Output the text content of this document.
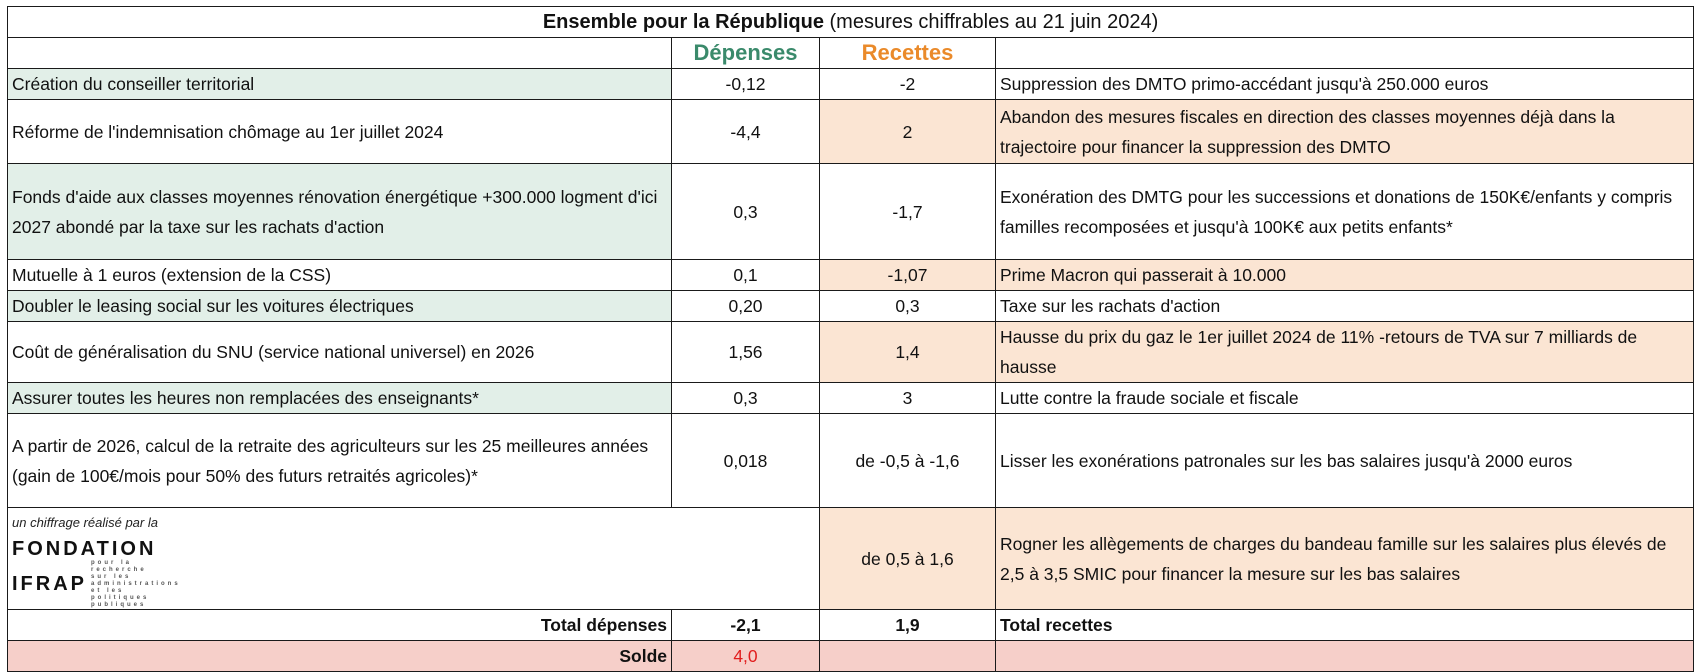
Ensemble pour la République (mesures chiffrables au 21 juin 2024)			
	Dépenses	Recettes	
Création du conseiller territorial	-0,12	-2	Suppression des DMTO primo-accédant jusqu'à 250.000 euros
Réforme de l'indemnisation chômage au 1er juillet 2024	-4,4	2	Abandon des mesures fiscales en direction des classes moyennes déjà dans la trajectoire pour financer la suppression des DMTO
Fonds d'aide aux classes moyennes rénovation énergétique +300.000 logment d'ici 2027 abondé par la taxe sur les rachats d'action	0,3	-1,7	Exonération des DMTG pour les successions et donations de 150K€/enfants y compris familles recomposées et jusqu'à 100K€ aux petits enfants*
Mutuelle à 1 euros (extension de la CSS)	0,1	-1,07	Prime Macron qui passerait à 10.000
Doubler le leasing social sur les voitures électriques	0,20	0,3	Taxe sur les rachats d'action
Coût de généralisation du SNU (service national universel) en 2026	1,56	1,4	Hausse du prix du gaz le 1er juillet 2024 de 11% -retours de TVA sur 7 milliards de hausse
Assurer toutes les heures non remplacées des enseignants*	0,3	3	Lutte contre la fraude sociale et fiscale
A partir de 2026, calcul de la retraite des agriculteurs sur les 25 meilleures années (gain de 100€/mois pour 50% des futurs retraités agricoles)*	0,018	de -0,5 à -1,6	Lisser les exonérations patronales sur les bas salaires jusqu'à 2000 euros

un chiffrage réalisé par la
FONDATION
IFRAPpour la recherche sur les administrations et les politiques publiques		de 0,5 à 1,6	Rogner les allègements de charges du bandeau famille sur les salaires plus élevés de 2,5 à 3,5 SMIC pour financer la mesure sur les bas salaires
Total dépenses	-2,1	1,9	Total recettes
Solde	4,0		
